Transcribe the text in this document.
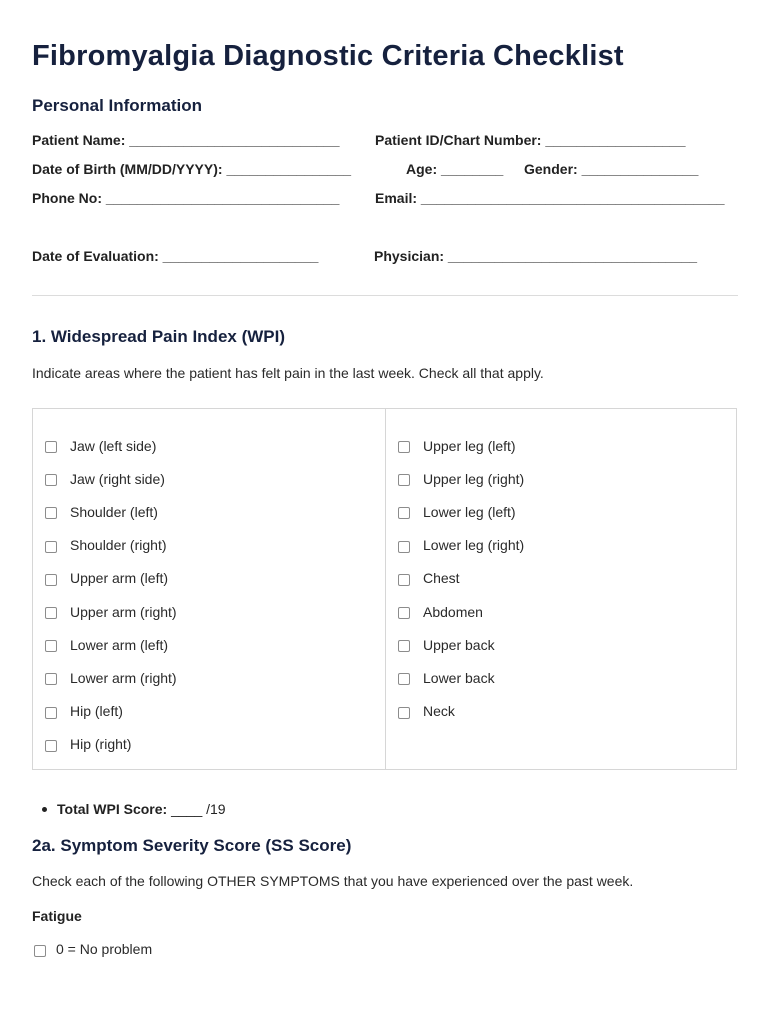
Fibromyalgia Diagnostic Criteria Checklist
Personal Information
Patient Name: ___________________________	Patient ID/Chart Number: __________________
Date of Birth (MM/DD/YYYY): ________________	Age: ________ Gender: _______________
Phone No: ______________________________	Email: _______________________________________
Date of Evaluation: ____________________	Physician: ________________________________
1. Widespread Pain Index (WPI)
Indicate areas where the patient has felt pain in the last week. Check all that apply.
Jaw (left side)
Jaw (right side)
Shoulder (left)
Shoulder (right)
Upper arm (left)
Upper arm (right)
Lower arm (left)
Lower arm (right)
Hip (left)
Hip (right)
Upper leg (left)
Upper leg (right)
Lower leg (left)
Lower leg (right)
Chest
Abdomen
Upper back
Lower back
Neck
Total WPI Score: ____ /19
2a. Symptom Severity Score (SS Score)
Check each of the following OTHER SYMPTOMS that you have experienced over the past week.
Fatigue
0 = No problem
